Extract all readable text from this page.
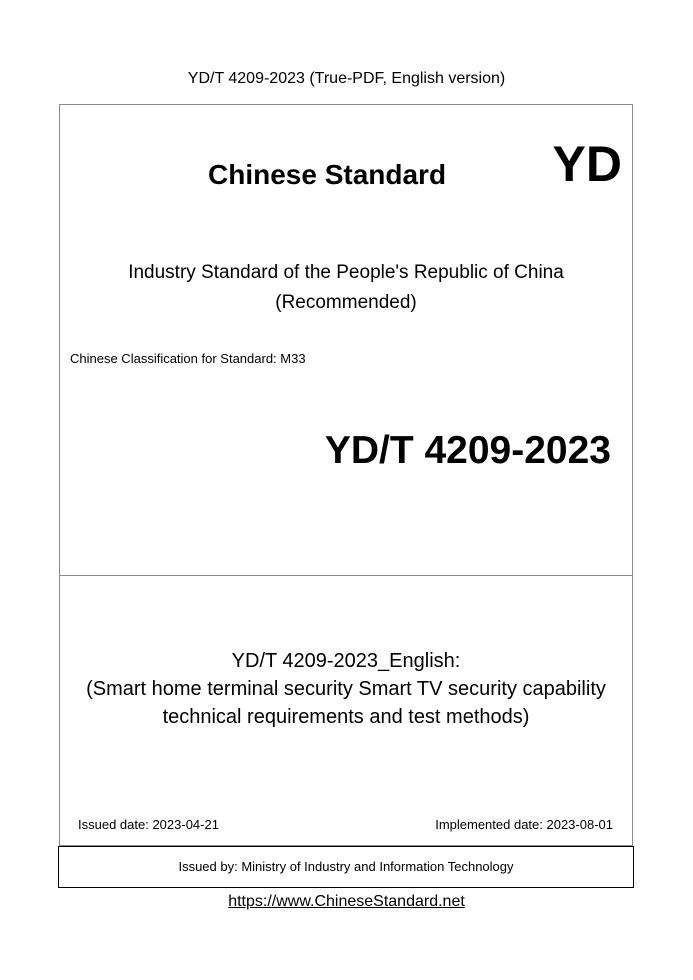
YD/T 4209-2023 (True-PDF, English version)
Chinese Standard YD
Industry Standard of the People's Republic of China
(Recommended)
Chinese Classification for Standard: M33
YD/T 4209-2023
YD/T 4209-2023_English:
(Smart home terminal security Smart TV security capability
technical requirements and test methods)
Issued date: 2023-04-21	Implemented date: 2023-08-01
Issued by: Ministry of Industry and Information Technology
https://www.ChineseStandard.net
